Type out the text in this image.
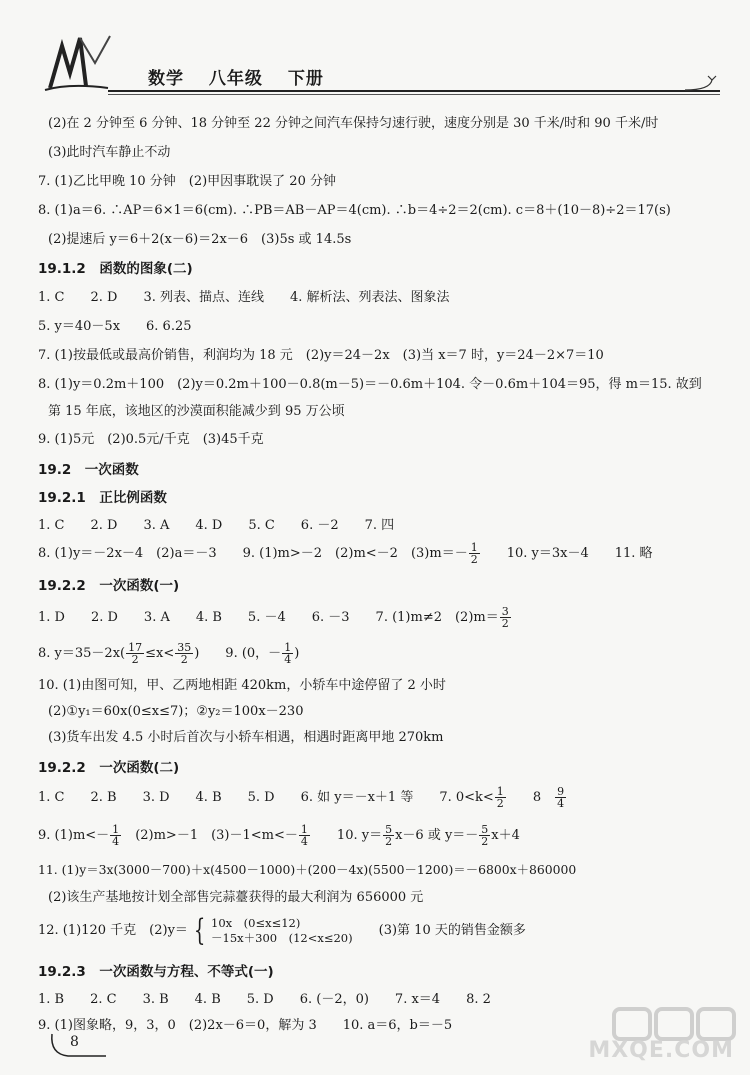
数学 八年级 下册
(2)在 2 分钟至 6 分钟、18 分钟至 22 分钟之间汽车保持匀速行驶，速度分别是 30 千米/时和 90 千米/时
(3)此时汽车静止不动
7. (1)乙比甲晚 10 分钟　(2)甲因事耽误了 20 分钟
8. (1)a＝6. ∴AP＝6×1＝6(cm). ∴PB＝AB－AP＝4(cm). ∴b＝4÷2＝2(cm). c＝8＋(10－8)÷2＝17(s)
(2)提速后 y＝6＋2(x－6)＝2x－6　(3)5s 或 14.5s
19.1.2　函数的图象(二)
1. C　　2. D　　3. 列表、描点、连线　　4. 解析法、列表法、图象法
5. y＝40－5x　　6. 6.25
7. (1)按最低或最高价销售，利润均为 18 元　(2)y＝24－2x　(3)当 x＝7 时，y＝24－2×7＝10
8. (1)y＝0.2m＋100　(2)y＝0.2m＋100－0.8(m－5)＝－0.6m＋104. 令－0.6m＋104＝95，得 m＝15. 故到
第 15 年底，该地区的沙漠面积能减少到 95 万公顷
9. (1)5元　(2)0.5元/千克　(3)45千克
19.2　一次函数
19.2.1　正比例函数
1. C　　2. D　　3. A　　4. D　　5. C　　6. －2　　7. 四
8. (1)y＝－2x－4　(2)a＝－3　　9. (1)m>－2　(2)m<－2　$(3)m=- \frac{1}{2}$
　　 10. y＝3x－4　　11. 略
19.2.2　一次函数(一)
1. D　　2. D　　3. A　　4. B　　5. －4　　6. －3　　7. (1)m≠2　$(2)m= \frac{3}{2}$
8. $y=35-2x( \frac{17}{2} \le x< \frac{35}{2}$ )　　9. (0，－ $\frac{1}{4}$ )
10. (1)由图可知，甲、乙两地相距 420km，小轿车中途停留了 2 小时
(2)①y₁＝60x(0≤x≤7)；②y₂＝100x－230
(3)货车出发 4.5 小时后首次与小轿车相遇，相遇时距离甲地 270km
19.2.2　一次函数(二)
1. C　　2. B　　3. D　　4. B　　5. D　　6. 如 y＝－x＋1 等　　7. $0<k< \frac{1}{2}$
　　 8　 $\frac{9}{4}$
9. $(1)m<- \frac{1}{4}$
　 (2)m>－1　$(3)-1<m<- \frac{1}{4}$
　　 10. $y= \frac{5}{2} x-6$ 或 $y=- \frac{5}{2} x+4$
11. (1)y＝3x(3000－700)＋x(4500－1000)＋(200－4x)(5500－1200)＝－6800x＋860000
(2)该生产基地按计划全部售完蒜薹获得的最大利润为 656000 元
12. (1)120 千克　(2)y＝ { 10x　(0≤x≤12)
－15x＋300　(12<x≤20)
　　 (3)第 10 天的销售金额多
19.2.3　一次函数与方程、不等式(一)
1. B　　2. C　　3. B　　4. B　　5. D　　6. (－2，0)　　7. x＝4　　8. 2
9. (1)图象略，9，3，0　(2)2x－6＝0，解为 3　　10. a＝6，b＝－5
8	MXQE.COM
